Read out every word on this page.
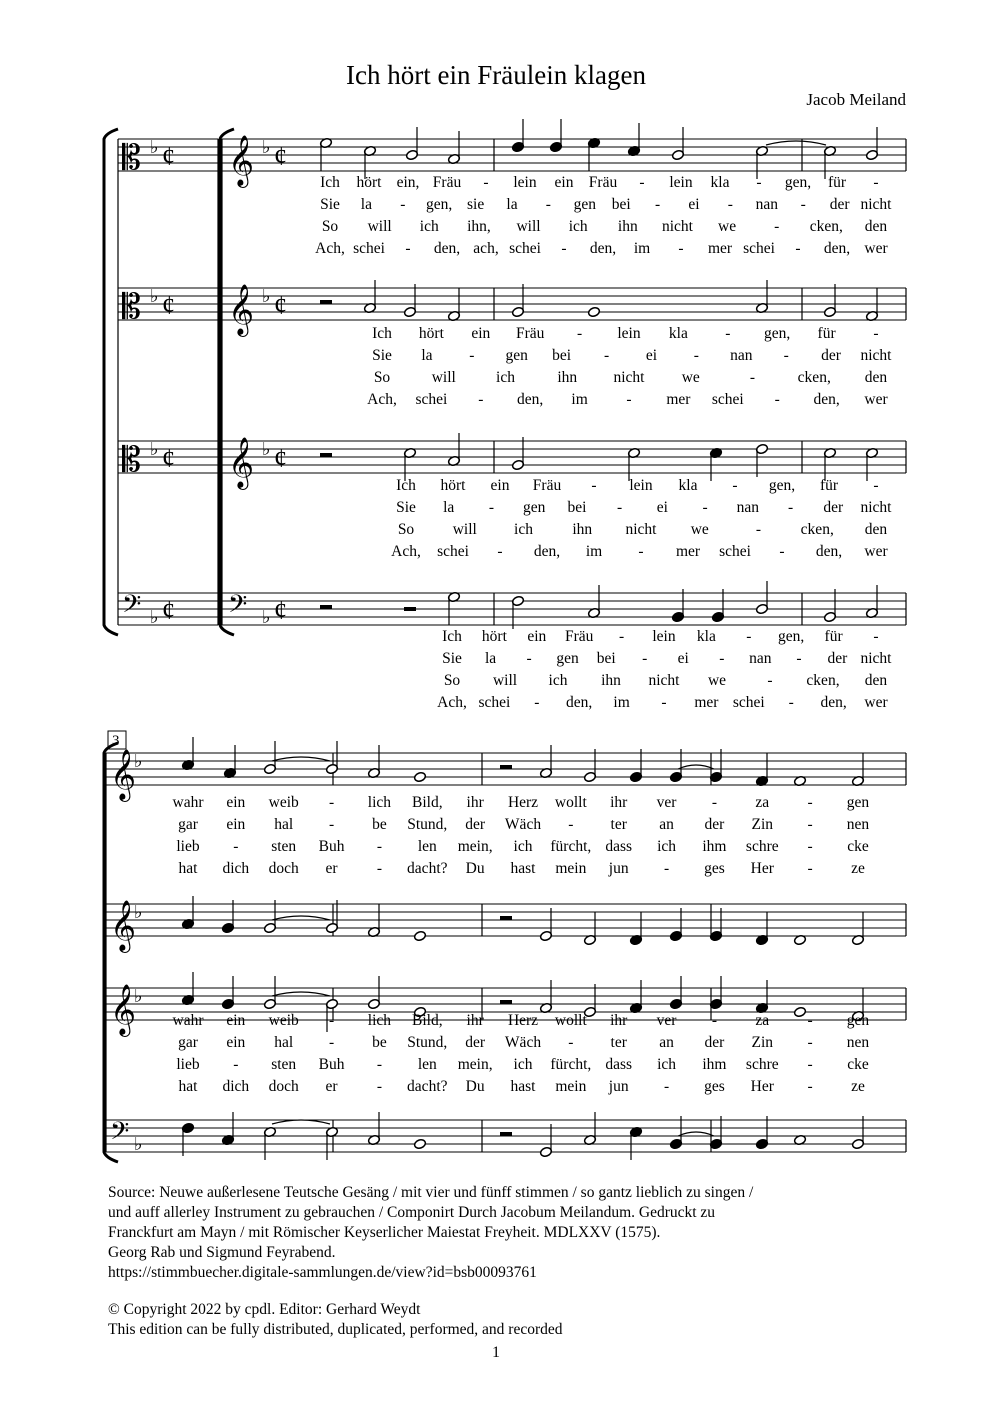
Ich hört ein Fräulein klagen
Jacob Meiland
𝄡
𝄡
𝄡
𝄢
𝄞
𝄞
𝄞
𝄢
𝄞
𝄞
𝄞
𝄢
♭	♭
♭	♭
♭	♭
♭	♭
♭
♭
♭
♭
¢	¢
¢	¢
¢	¢
¢	¢
3
Ich hört ein, Fräu - lein ein Fräu - lein kla - gen, für -
Sie la - gen, sie la - gen bei - ei - nan - der nicht
So will ich ihn, will ich ihn nicht we - cken, den
Ach, schei - den, ach, schei - den, im - mer schei - den, wer
Ich hört ein Fräu - lein kla - gen, für -
Sie la - gen bei - ei - nan - der nicht
So	will	ich	ihn nicht we	-	cken, den
Ach, schei - den, im - mer schei - den, wer
Ich hört ein Fräu - lein kla - gen, für -
Sie la - gen bei - ei - nan - der nicht
So will ich	ihn nicht we	-	cken, den
Ach, schei - den, im - mer schei - den, wer
Ich hört ein Fräu - lein kla - gen, für -
Sie la - gen bei - ei - nan - der nicht
So will ich ihn nicht we	- cken, den
Ach, schei - den, im - mer schei - den, wer
wahr ein weib - lich Bild, ihr Herz wollt ihr ver - za - gen
gar ein hal - be Stund, der Wäch - ter an der Zin - nen
lieb - sten Buh - len mein, ich fürcht, dass ich ihm schre - cke
hat dich doch er	- dacht? Du hast mein jun - ges Her - ze
wahr ein weib - lich Bild, ihr Herz wollt ihr ver - za - gen
gar ein hal - be Stund, der Wäch - ter an der Zin - nen
lieb - sten Buh - len mein, ich fürcht, dass ich ihm schre - cke
hat dich doch er	- dacht? Du hast mein jun - ges Her - ze
Source: Neuwe außerlesene Teutsche Gesäng / mit vier und fünff stimmen / so gantz lieblich zu singen /
und auff allerley Instrument zu gebrauchen / Componirt Durch Jacobum Meilandum. Gedruckt zu
Franckfurt am Mayn / mit Römischer Keyserlicher Maiestat Freyheit. MDLXXV (1575).
Georg Rab und Sigmund Feyrabend.
https://stimmbuecher.digitale-sammlungen.de/view?id=bsb00093761
© Copyright 2022 by cpdl. Editor: Gerhard Weydt
This edition can be fully distributed, duplicated, performed, and recorded
1
